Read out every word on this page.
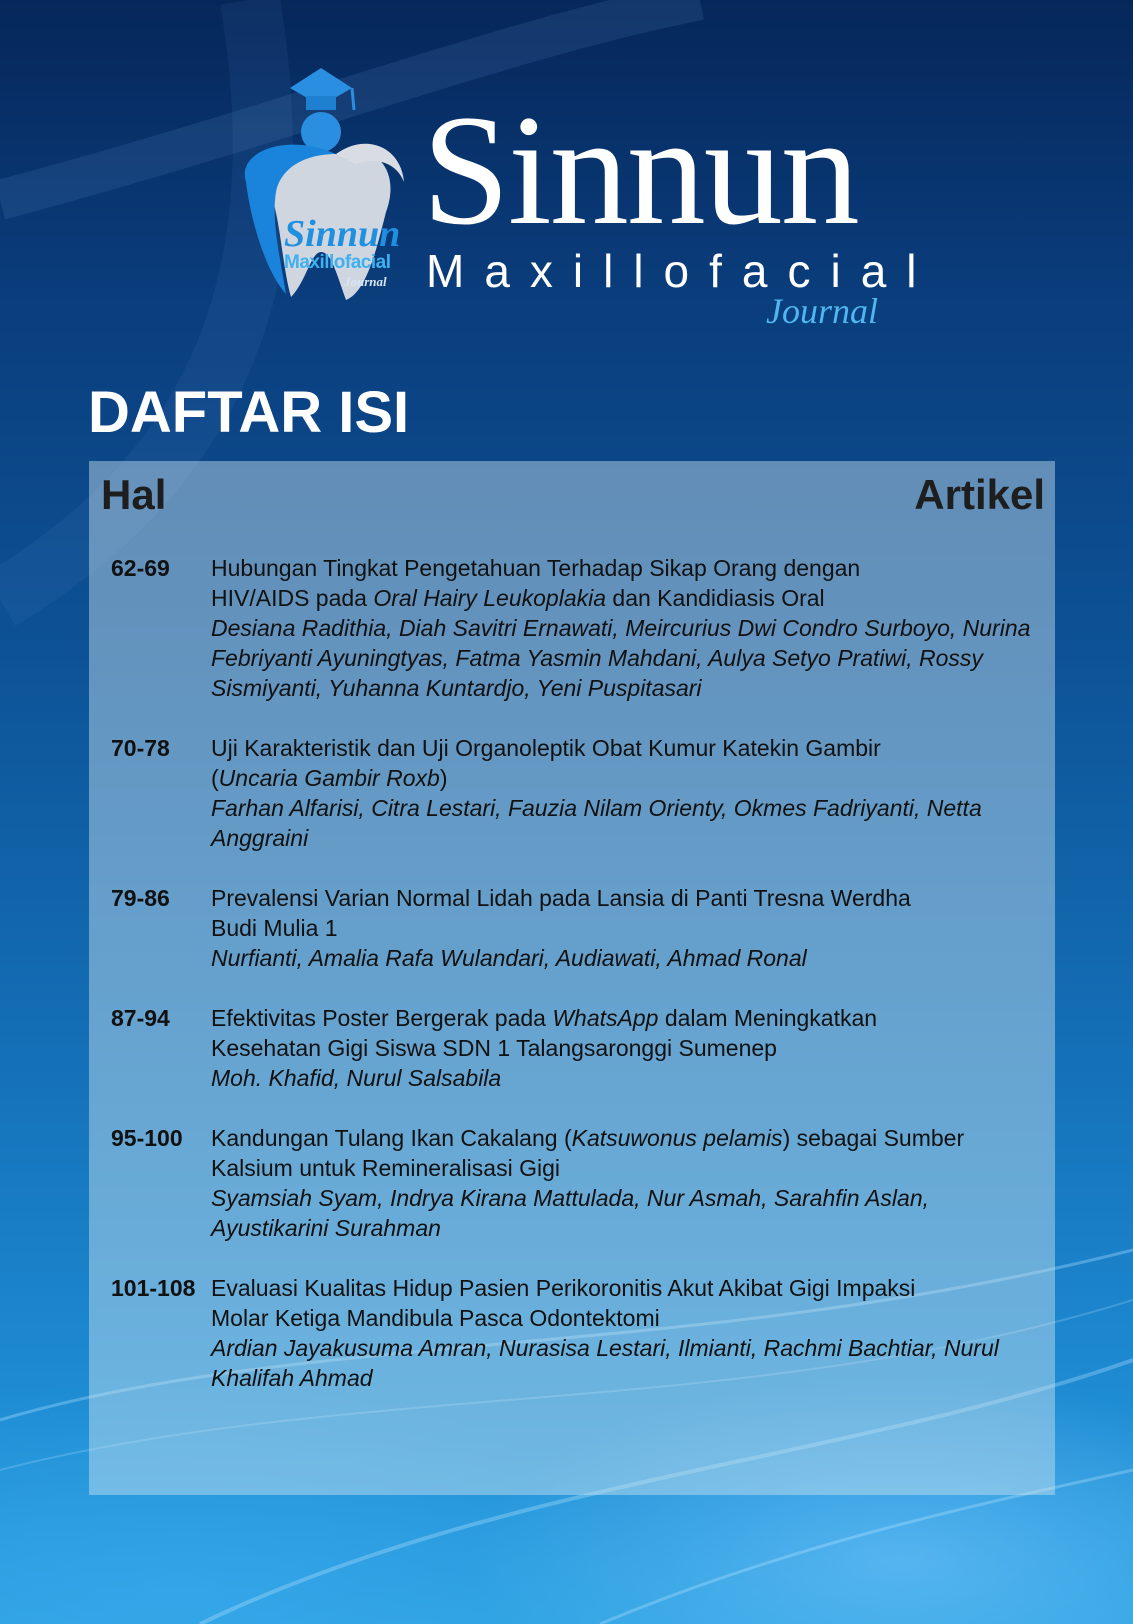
Sinnun
Maxillofacial
Journal
Sinnun
Maxillofacial
Journal
DAFTAR ISI
Hal	Artikel
62-69	Hubungan Tingkat Pengetahuan Terhadap Sikap Orang dengan
HIV/AIDS pada Oral Hairy Leukoplakia dan Kandidiasis Oral
Desiana Radithia, Diah Savitri Ernawati, Meircurius Dwi Condro Surboyo, Nurina Febriyanti Ayuningtyas, Fatma Yasmin Mahdani, Aulya Setyo Pratiwi, Rossy Sismiyanti, Yuhanna Kuntardjo, Yeni Puspitasari
70-78	Uji Karakteristik dan Uji Organoleptik Obat Kumur Katekin Gambir
(Uncaria Gambir Roxb)
Farhan Alfarisi, Citra Lestari, Fauzia Nilam Orienty, Okmes Fadriyanti, Netta Anggraini
79-86	Prevalensi Varian Normal Lidah pada Lansia di Panti Tresna Werdha
Budi Mulia 1
Nurfianti, Amalia Rafa Wulandari, Audiawati, Ahmad Ronal
87-94	Efektivitas Poster Bergerak pada WhatsApp dalam Meningkatkan
Kesehatan Gigi Siswa SDN 1 Talangsaronggi Sumenep
Moh. Khafid, Nurul Salsabila
95-100	Kandungan Tulang Ikan Cakalang (Katsuwonus pelamis) sebagai Sumber
Kalsium untuk Remineralisasi Gigi
Syamsiah Syam, Indrya Kirana Mattulada, Nur Asmah, Sarahfin Aslan, Ayustikarini Surahman
101-108 Evaluasi Kualitas Hidup Pasien Perikoronitis Akut Akibat Gigi Impaksi
Molar Ketiga Mandibula Pasca Odontektomi
Ardian Jayakusuma Amran, Nurasisa Lestari, Ilmianti, Rachmi Bachtiar, Nurul Khalifah Ahmad
